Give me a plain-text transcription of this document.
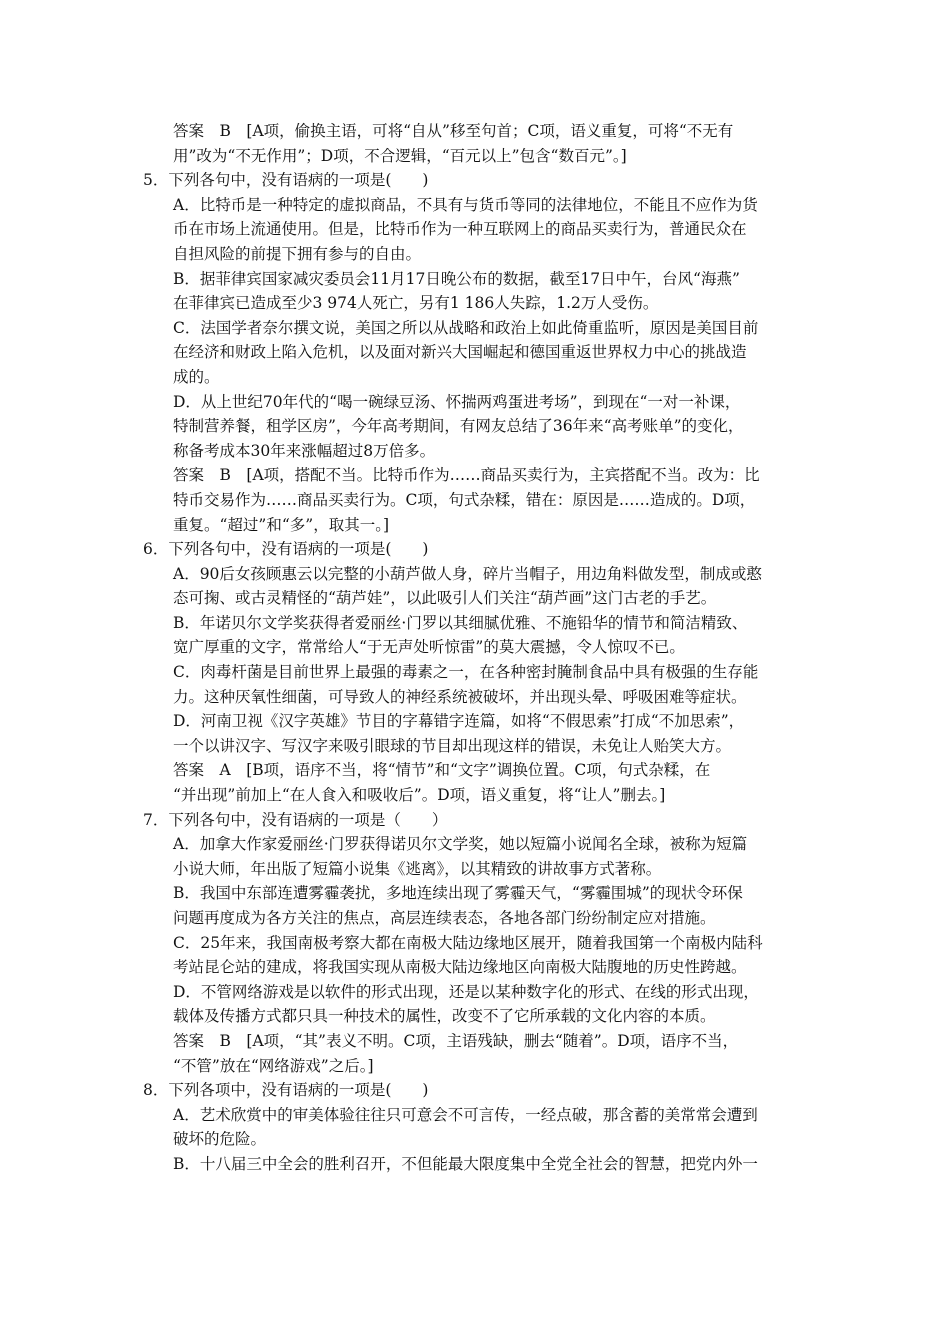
答案　B　[A项，偷换主语，可将“自从”移至句首；C项，语义重复，可将“不无有
用”改为“不无作用”；D项，不合逻辑，“百元以上”包含“数百元”。]
5．下列各句中，没有语病的一项是(　　)
A．比特币是一种特定的虚拟商品，不具有与货币等同的法律地位，不能且不应作为货
币在市场上流通使用。但是，比特币作为一种互联网上的商品买卖行为，普通民众在
自担风险的前提下拥有参与的自由。
B．据菲律宾国家减灾委员会11月17日晚公布的数据，截至17日中午，台风“海燕”
在菲律宾已造成至少3 974人死亡，另有1 186人失踪，1.2万人受伤。
C．法国学者奈尔撰文说，美国之所以从战略和政治上如此倚重监听，原因是美国目前
在经济和财政上陷入危机，以及面对新兴大国崛起和德国重返世界权力中心的挑战造
成的。
D．从上世纪70年代的“喝一碗绿豆汤、怀揣两鸡蛋进考场”，到现在“一对一补课，
特制营养餐，租学区房”，今年高考期间，有网友总结了36年来“高考账单”的变化，
称备考成本30年来涨幅超过8万倍多。
答案　B　[A项，搭配不当。比特币作为……商品买卖行为，主宾搭配不当。改为：比
特币交易作为……商品买卖行为。C项，句式杂糅，错在：原因是……造成的。D项，
重复。“超过”和“多”，取其一。]
6．下列各句中，没有语病的一项是(　　)
A．90后女孩顾惠云以完整的小葫芦做人身，碎片当帽子，用边角料做发型，制成或憨
态可掬、或古灵精怪的“葫芦娃”，以此吸引人们关注“葫芦画”这门古老的手艺。
B．年诺贝尔文学奖获得者爱丽丝·门罗以其细腻优雅、不施铅华的情节和简洁精致、
宽广厚重的文字，常常给人“于无声处听惊雷”的莫大震撼，令人惊叹不已。
C．肉毒杆菌是目前世界上最强的毒素之一，在各种密封腌制食品中具有极强的生存能
力。这种厌氧性细菌，可导致人的神经系统被破坏，并出现头晕、呼吸困难等症状。
D．河南卫视《汉字英雄》节目的字幕错字连篇，如将“不假思索”打成“不加思索”，
一个以讲汉字、写汉字来吸引眼球的节目却出现这样的错误，未免让人贻笑大方。
答案　A　[B项，语序不当，将“情节”和“文字”调换位置。C项，句式杂糅，在
“并出现”前加上“在人食入和吸收后”。D项，语义重复，将“让人”删去。]
7．下列各句中，没有语病的一项是（　　）
A．加拿大作家爱丽丝·门罗获得诺贝尔文学奖，她以短篇小说闻名全球，被称为短篇
小说大师，年出版了短篇小说集《逃离》，以其精致的讲故事方式著称。
B．我国中东部连遭雾霾袭扰，多地连续出现了雾霾天气，“雾霾围城”的现状令环保
问题再度成为各方关注的焦点，高层连续表态，各地各部门纷纷制定应对措施。
C．25年来，我国南极考察大都在南极大陆边缘地区展开，随着我国第一个南极内陆科
考站昆仑站的建成，将我国实现从南极大陆边缘地区向南极大陆腹地的历史性跨越。
D．不管网络游戏是以软件的形式出现，还是以某种数字化的形式、在线的形式出现，
载体及传播方式都只具一种技术的属性，改变不了它所承载的文化内容的本质。
答案　B　[A项，“其”表义不明。C项，主语残缺，删去“随着”。D项，语序不当，
“不管”放在“网络游戏”之后。]
8．下列各项中，没有语病的一项是(　　)
A．艺术欣赏中的审美体验往往只可意会不可言传，一经点破，那含蓄的美常常会遭到
破坏的危险。
B．十八届三中全会的胜利召开，不但能最大限度集中全党全社会的智慧，把党内外一
